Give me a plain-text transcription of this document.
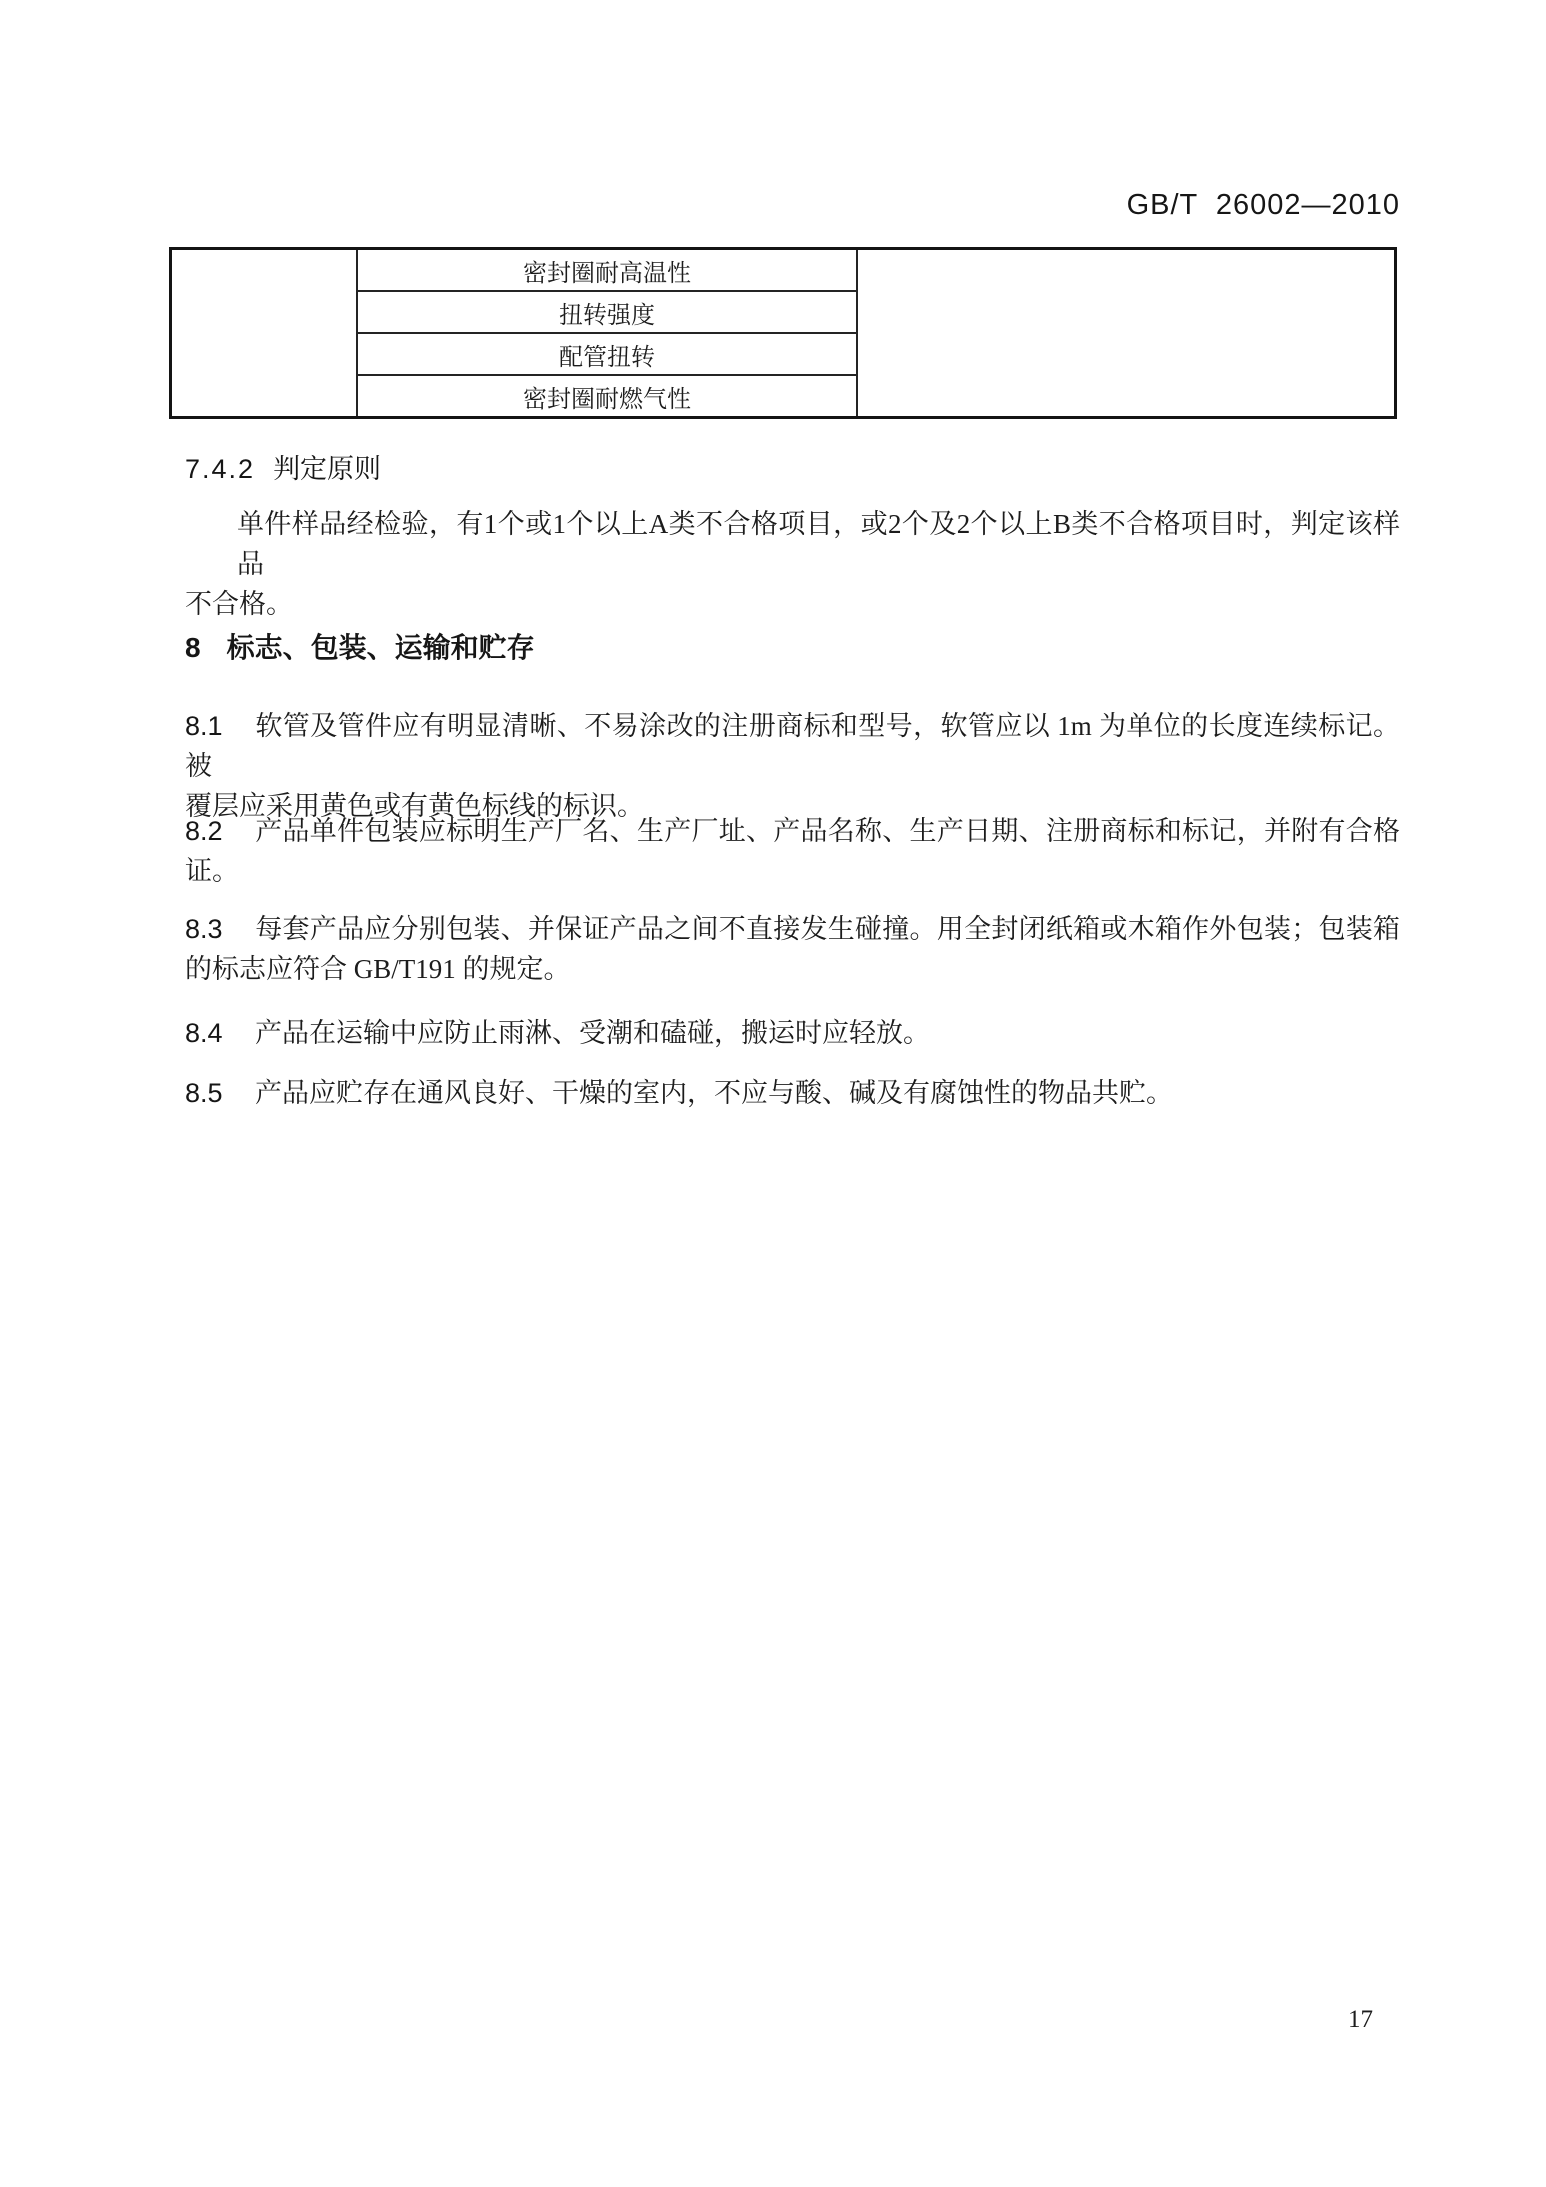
GB/T  26002—2010
密封圈耐高温性
扭转强度
配管扭转
密封圈耐燃气性
7.4.2 判定原则
单件样品经检验，有1个或1个以上A类不合格项目，或2个及2个以上B类不合格项目时，判定该样品
不合格。
8 标志、包装、运输和贮存
8.1 软管及管件应有明显清晰、不易涂改的注册商标和型号，软管应以 1m 为单位的长度连续标记。被
覆层应采用黄色或有黄色标线的标识。
8.2 产品单件包装应标明生产厂名、生产厂址、产品名称、生产日期、注册商标和标记，并附有合格
证。
8.3 每套产品应分别包装、并保证产品之间不直接发生碰撞。用全封闭纸箱或木箱作外包装；包装箱
的标志应符合 GB/T191 的规定。
8.4 产品在运输中应防止雨淋、受潮和磕碰，搬运时应轻放。
8.5 产品应贮存在通风良好、干燥的室内，不应与酸、碱及有腐蚀性的物品共贮。
17
